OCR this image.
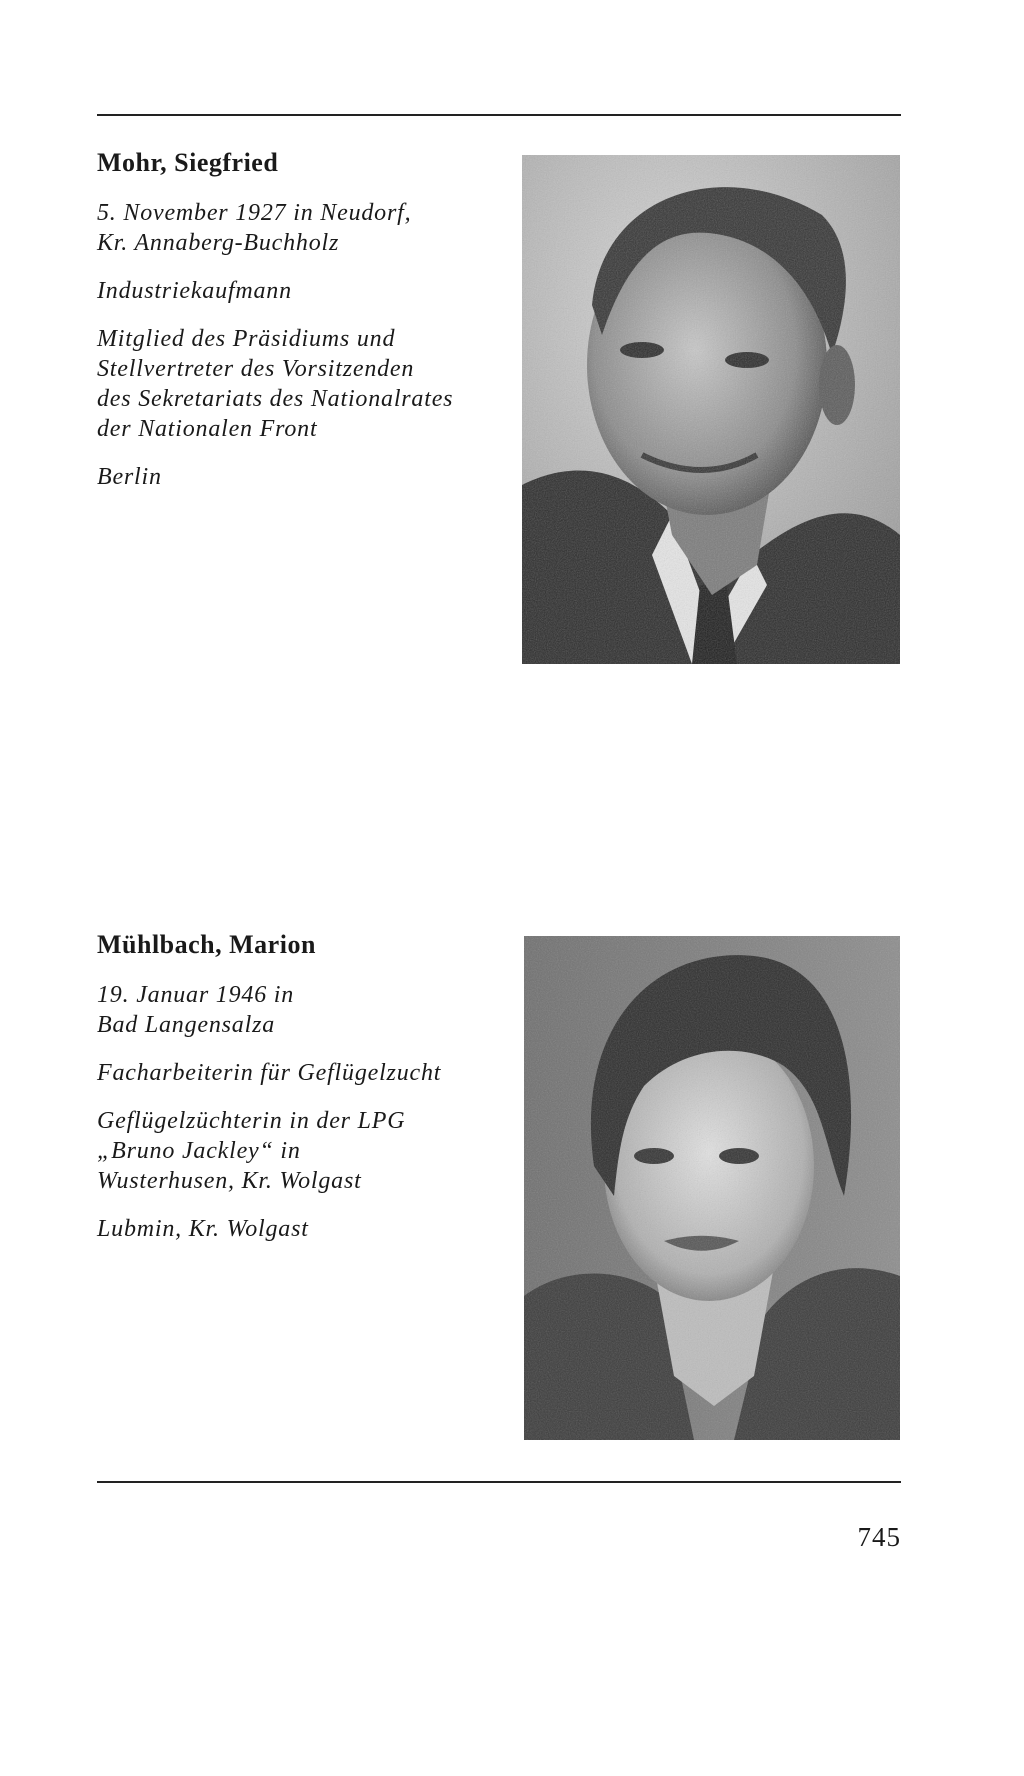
Mohr, Siegfried
5. November 1927 in Neudorf,
Kr. Annaberg-Buchholz
Industriekaufmann
Mitglied des Präsidiums und
Stellvertreter des Vorsitzenden
des Sekretariats des Nationalrates
der Nationalen Front
Berlin
Mühlbach, Marion
19. Januar 1946 in
Bad Langensalza
Facharbeiterin für Geflügelzucht
Geflügelzüchterin in der LPG
„Bruno Jackley“ in
Wusterhusen, Kr. Wolgast
Lubmin, Kr. Wolgast
745
